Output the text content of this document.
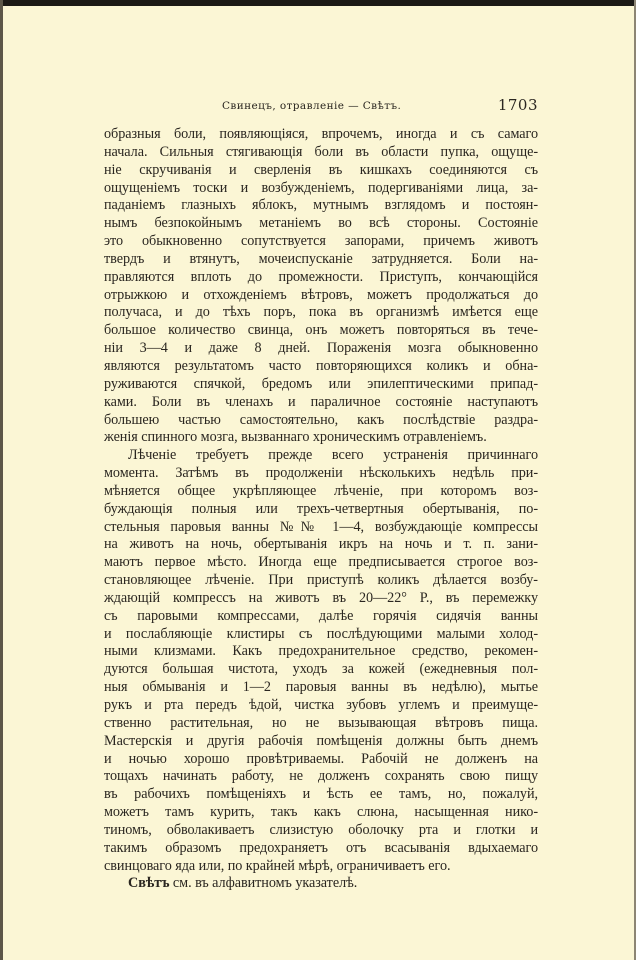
Свинецъ, отравленіе — Свѣтъ.	1703

образныя боли, появляющіяся, впрочемъ, иногда и съ самаго
начала. Сильныя стягивающія боли въ области пупка, ощуще-
ніе скручиванія и сверленія въ кишкахъ соединяются съ
ощущеніемъ тоски и возбужденіемъ, подергиваніями лица, за-
паданіемъ глазныхъ яблокъ, мутнымъ взглядомъ и постоян-
нымъ безпокойнымъ метаніемъ во всѣ стороны. Состояніе
это обыкновенно сопутствуется запорами, причемъ животъ
твердъ и втянутъ, мочеиспусканіе затрудняется. Боли на-
правляются вплоть до промежности. Приступъ, кончающійся
отрыжкою и отхожденіемъ вѣтровъ, можетъ продолжаться до
получаса, и до тѣхъ поръ, пока въ организмѣ имѣется еще
большое количество свинца, онъ можетъ повторяться въ тече-
ніи 3—4 и даже 8 дней. Пораженія мозга обыкновенно
являются результатомъ часто повторяющихся коликъ и обна-
руживаются спячкой, бредомъ или эпилептическими припад-
ками. Боли въ членахъ и параличное состояніе наступаютъ
большею частью самостоятельно, какъ послѣдствіе раздра-
женія спинного мозга, вызваннаго хроническимъ отравленіемъ.

Лѣченіе требуетъ прежде всего устраненія причиннаго
момента. Затѣмъ въ продолженіи нѣсколькихъ недѣль при-
мѣняется общее укрѣпляющее лѣченіе, при которомъ воз-
буждающія полныя или трехъ-четвертныя обертыванія, по-
стельныя паровыя ванны №№ 1—4, возбуждающіе компрессы
на животъ на ночь, обертыванія икръ на ночь и т. п. зани-
маютъ первое мѣсто. Иногда еще предписывается строгое воз-
становляющее лѣченіе. При приступѣ коликъ дѣлается возбу-
ждающій компрессъ на животъ въ 20—22° Р., въ перемежку
съ паровыми компрессами, далѣе горячія сидячія ванны
и послабляющіе клистиры съ послѣдующими малыми холод-
ными клизмами. Какъ предохранительное средство, рекомен-
дуются большая чистота, уходъ за кожей (ежедневныя пол-
ныя обмыванія и 1—2 паровыя ванны въ недѣлю), мытье
рукъ и рта передъ ѣдой, чистка зубовъ углемъ и преимуще-
ственно растительная, но не вызывающая вѣтровъ пища.
Мастерскія и другія рабочія помѣщенія должны быть днемъ
и ночью хорошо провѣтриваемы. Рабочій не долженъ на
тощахъ начинать работу, не долженъ сохранять свою пищу
въ рабочихъ помѣщеніяхъ и ѣсть ее тамъ, но, пожалуй,
можетъ тамъ курить, такъ какъ слюна, насыщенная нико-
тиномъ, обволакиваетъ слизистую оболочку рта и глотки и
такимъ образомъ предохраняетъ отъ всасыванія вдыхаемаго
свинцоваго яда или, по крайней мѣрѣ, ограничиваетъ его.

Свѣтъ см. въ алфавитномъ указателѣ.
